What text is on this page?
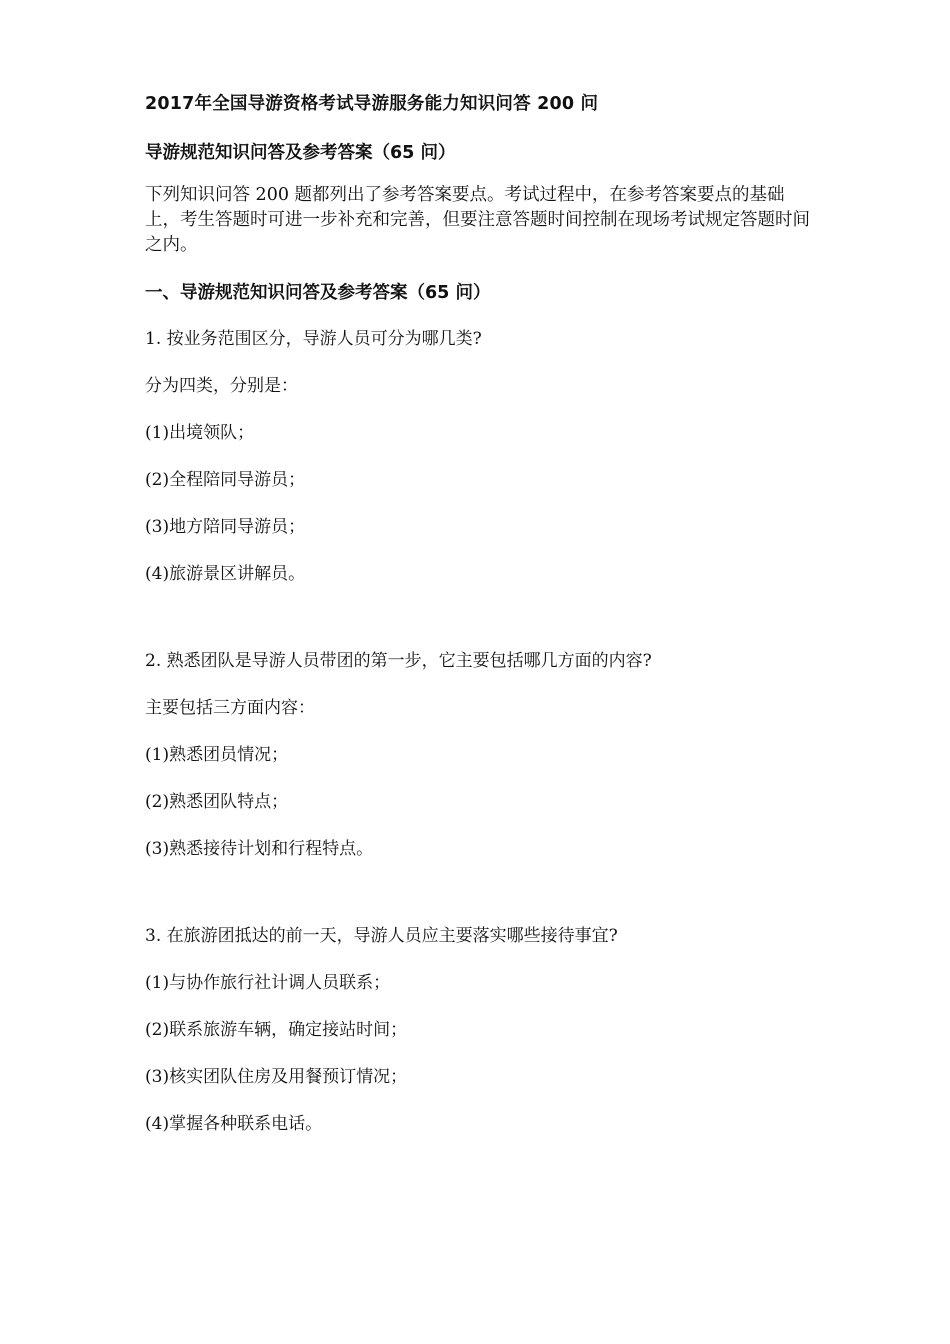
2017年全国导游资格考试导游服务能力知识问答 200 问

导游规范知识问答及参考答案（65 问）

下列知识问答 200 题都列出了参考答案要点。考试过程中，在参考答案要点的基础上，考生答题时可进一步补充和完善，但要注意答题时间控制在现场考试规定答题时间之内。

一、导游规范知识问答及参考答案（65 问）

1. 按业务范围区分，导游人员可分为哪几类?

分为四类，分别是：

(1)出境领队；

(2)全程陪同导游员；

(3)地方陪同导游员；

(4)旅游景区讲解员。

2. 熟悉团队是导游人员带团的第一步，它主要包括哪几方面的内容?

主要包括三方面内容：

(1)熟悉团员情况；

(2)熟悉团队特点；

(3)熟悉接待计划和行程特点。

3. 在旅游团抵达的前一天，导游人员应主要落实哪些接待事宜?

(1)与协作旅行社计调人员联系；

(2)联系旅游车辆，确定接站时间；

(3)核实团队住房及用餐预订情况；

(4)掌握各种联系电话。
